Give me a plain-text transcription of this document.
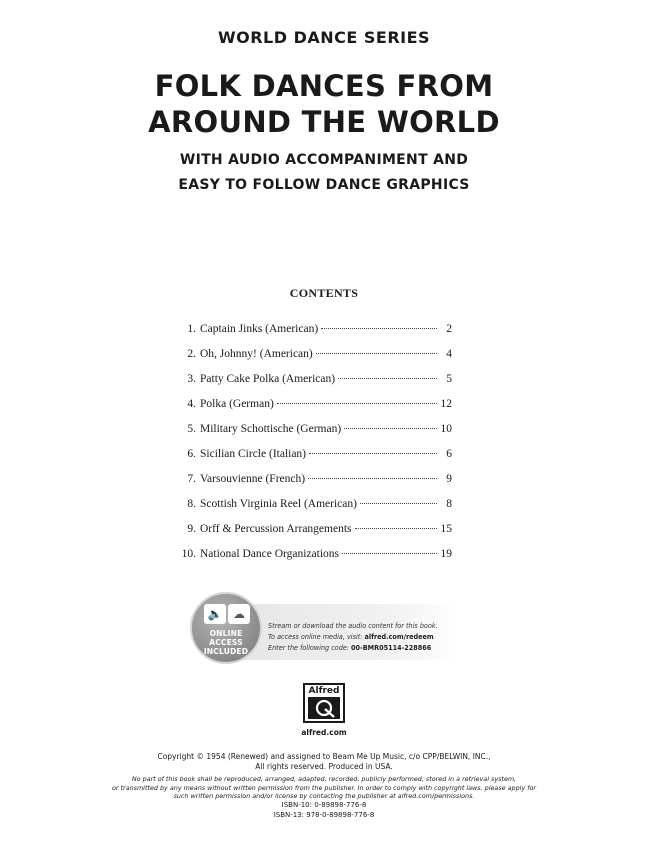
WORLD DANCE SERIES
FOLK DANCES FROM
AROUND THE WORLD
WITH AUDIO ACCOMPANIMENT AND
EASY TO FOLLOW DANCE GRAPHICS
CONTENTS
1. Captain Jinks (American)	2
2. Oh, Johnny! (American)	4
3. Patty Cake Polka (American)	5
4. Polka (German)	12
5. Military Schottische (German)	10
6. Sicilian Circle (Italian)	6
7. Varsouvienne (French)	9
8. Scottish Virginia Reel (American)	8
9. Orff & Percussion Arrangements	15
10. National Dance Organizations	19
🔈 ☁
ONLINE ACCESS
INCLUDED
Stream or download the audio content for this book.
To access online media, visit: alfred.com/redeem
Enter the following code: 00-BMR05114-228866
Alfred
alfred.com
Copyright © 1954 (Renewed) and assigned to Beam Me Up Music, c/o CPP/BELWIN, INC.,
All rights reserved. Produced in USA.
No part of this book shall be reproduced, arranged, adapted, recorded, publicly performed, stored in a retrieval system,
or transmitted by any means without written permission from the publisher. In order to comply with copyright laws, please apply for
such written permission and/or license by contacting the publisher at alfred.com/permissions.
ISBN-10: 0-89898-776-8
ISBN-13: 978-0-89898-776-8
